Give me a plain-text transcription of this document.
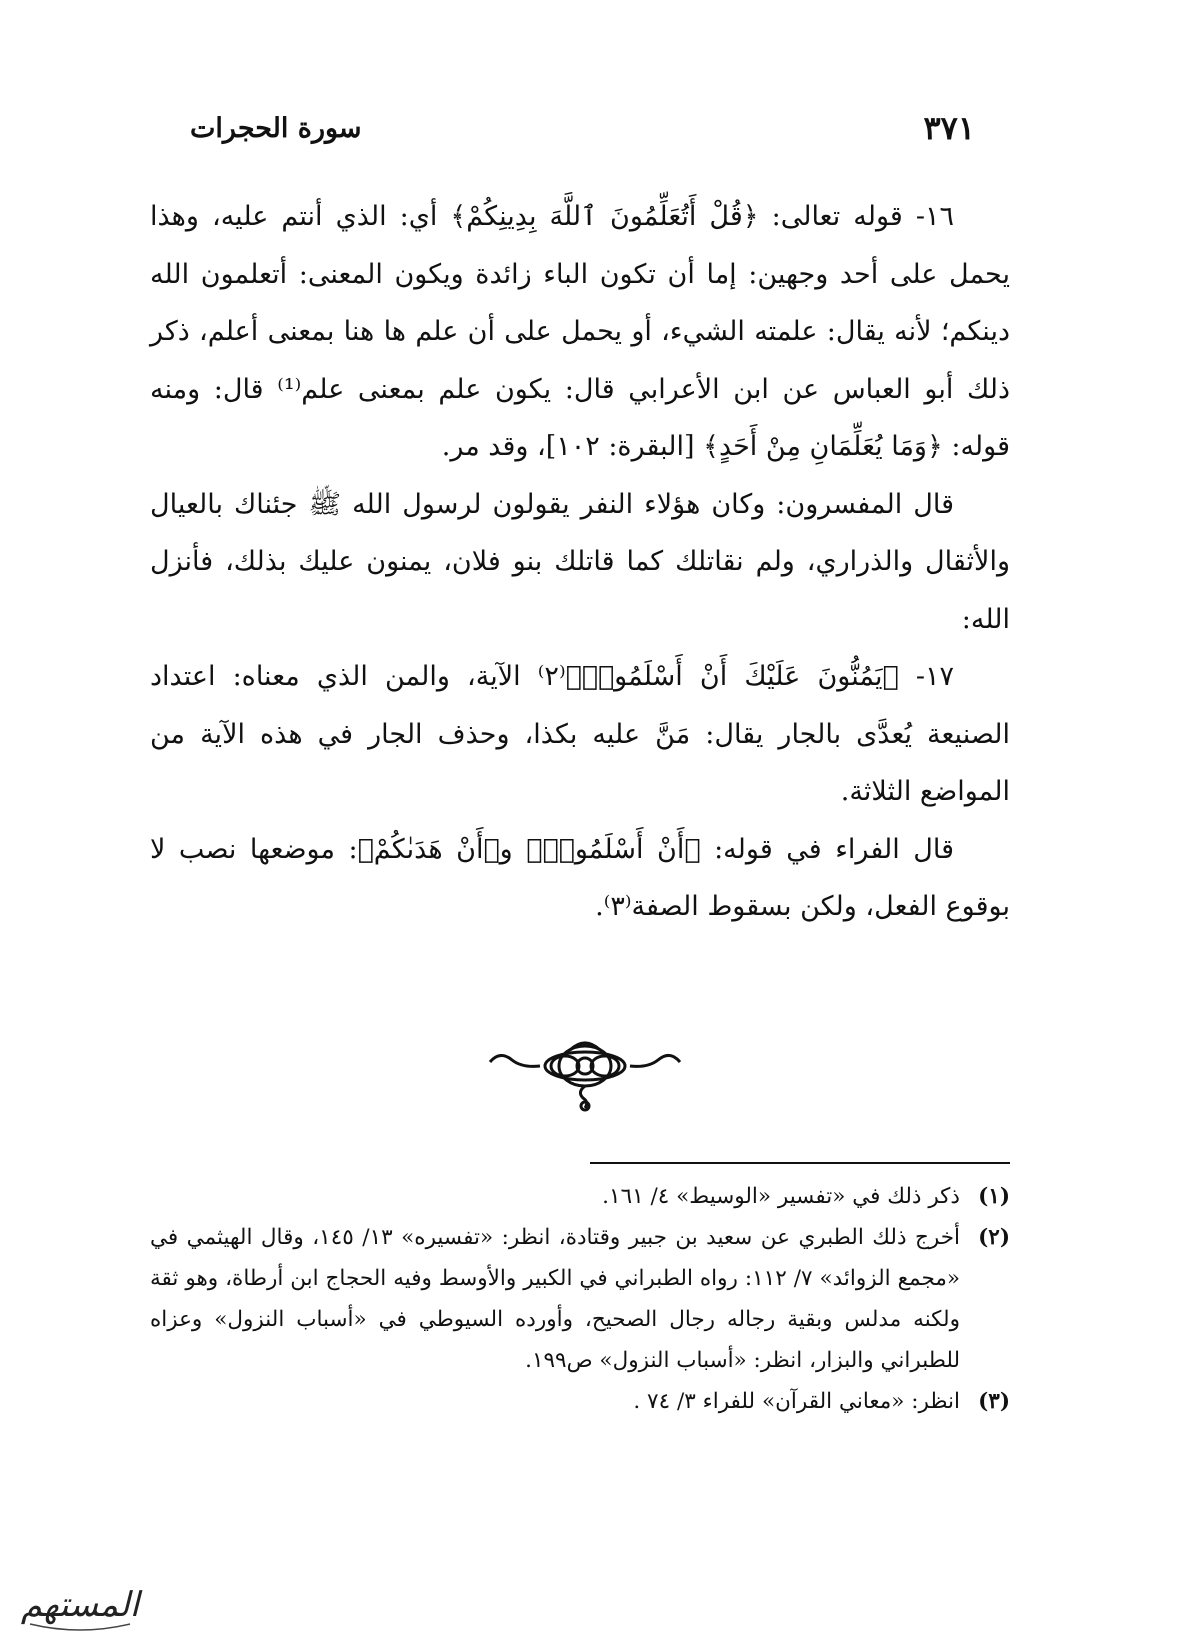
٣٧١
سورة الحجرات

١٦- قوله تعالى: ﴿قُلْ أَتُعَلِّمُونَ ٱللَّهَ بِدِينِكُمْ﴾ أي: الذي أنتم عليه، وهذا يحمل على أحد وجهين: إما أن تكون الباء زائدة ويكون المعنى: أتعلمون الله دينكم؛ لأنه يقال: علمته الشيء، أو يحمل على أن علم ها هنا بمعنى أعلم، ذكر ذلك أبو العباس عن ابن الأعرابي قال: يكون علم بمعنى علم⁽¹⁾ قال: ومنه قوله: ﴿وَمَا يُعَلِّمَانِ مِنْ أَحَدٍ﴾ [البقرة: ١٠٢]، وقد مر.

قال المفسرون: وكان هؤلاء النفر يقولون لرسول الله ﷺ جئناك بالعيال والأثقال والذراري، ولم نقاتلك كما قاتلك بنو فلان، يمنون عليك بذلك، فأنزل الله:

١٧- ﴿يَمُنُّونَ عَلَيْكَ أَنْ أَسْلَمُوا۟﴾⁽٢⁾ الآية، والمن الذي معناه: اعتداد الصنيعة يُعدَّى بالجار يقال: مَنَّ عليه بكذا، وحذف الجار في هذه الآية من المواضع الثلاثة.

قال الفراء في قوله: ﴿أَنْ أَسْلَمُوا۟﴾ و﴿أَنْ هَدَىٰكُمْ﴾: موضعها نصب لا بوقوع الفعل، ولكن بسقوط الصفة⁽٣⁾.

(١)
ذكر ذلك في «تفسير «الوسيط» ٤/ ١٦١.
(٢)
أخرج ذلك الطبري عن سعيد بن جبير وقتادة، انظر: «تفسيره» ١٣/ ١٤٥، وقال الهيثمي في «مجمع الزوائد» ٧/ ١١٢: رواه الطبراني في الكبير والأوسط وفيه الحجاج ابن أرطاة، وهو ثقة ولكنه مدلس وبقية رجاله رجال الصحيح، وأورده السيوطي في «أسباب النزول» وعزاه للطبراني والبزار، انظر: «أسباب النزول» ص١٩٩.
(٣)
انظر: «معاني القرآن» للفراء ٣/ ٧٤ .
المستهم
